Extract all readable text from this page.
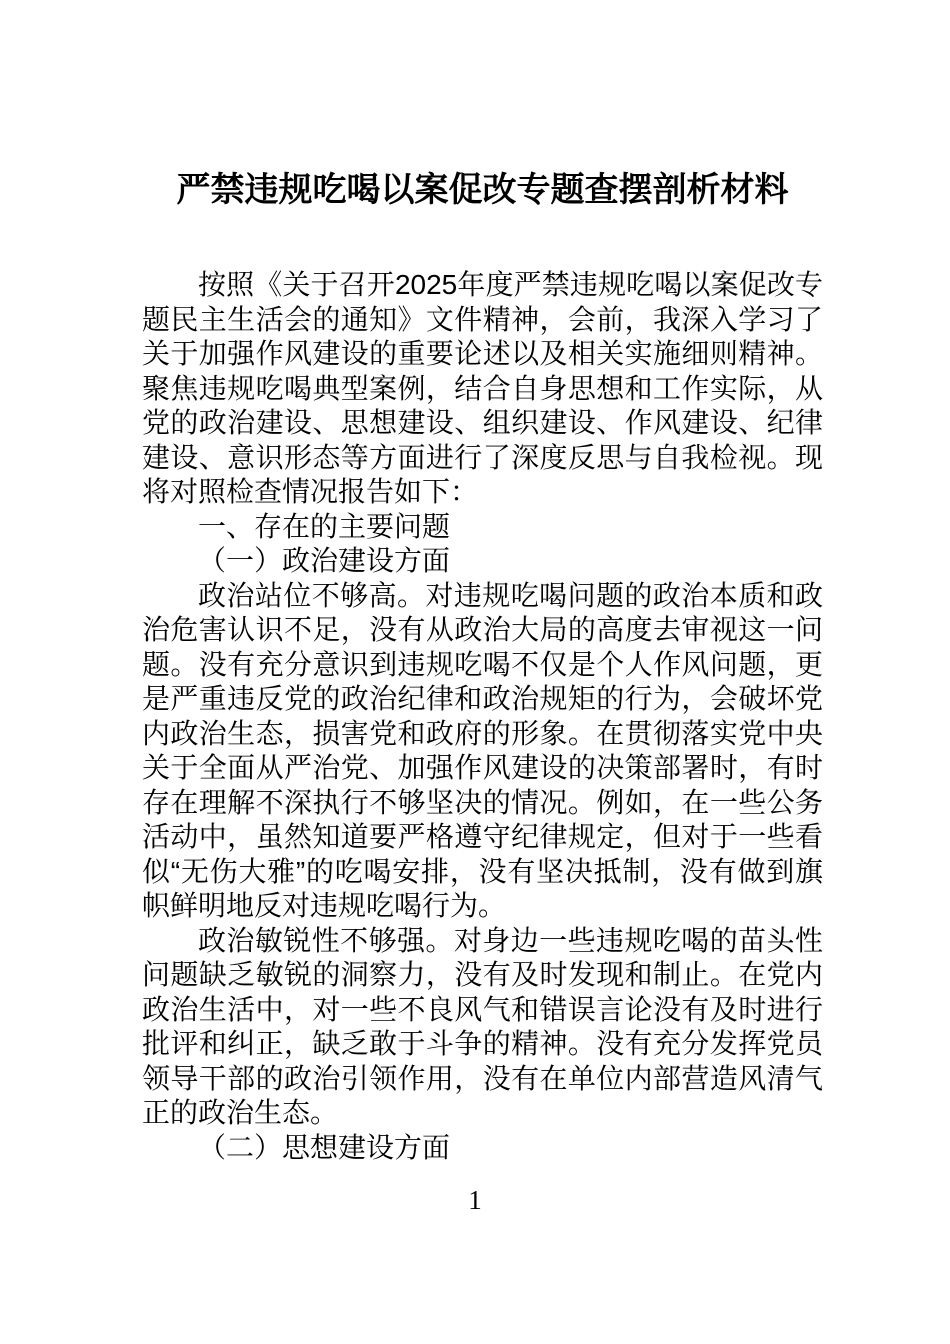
严禁违规吃喝以案促改专题查摆剖析材料

按照《关于召开2025年度严禁违规吃喝以案促改专题民主生活会的通知》文件精神，会前，我深入学习了关于加强作风建设的重要论述以及相关实施细则精神。聚焦违规吃喝典型案例，结合自身思想和工作实际，从党的政治建设、思想建设、组织建设、作风建设、纪律建设、意识形态等方面进行了深度反思与自我检视。现将对照检查情况报告如下：

一、存在的主要问题

（一）政治建设方面

政治站位不够高。对违规吃喝问题的政治本质和政治危害认识不足，没有从政治大局的高度去审视这一问题。没有充分意识到违规吃喝不仅是个人作风问题，更是严重违反党的政治纪律和政治规矩的行为，会破坏党内政治生态，损害党和政府的形象。在贯彻落实党中央关于全面从严治党、加强作风建设的决策部署时，有时存在理解不深执行不够坚决的情况。例如，在一些公务活动中，虽然知道要严格遵守纪律规定，但对于一些看似“无伤大雅”的吃喝安排，没有坚决抵制，没有做到旗帜鲜明地反对违规吃喝行为。

政治敏锐性不够强。对身边一些违规吃喝的苗头性问题缺乏敏锐的洞察力，没有及时发现和制止。在党内政治生活中，对一些不良风气和错误言论没有及时进行批评和纠正，缺乏敢于斗争的精神。没有充分发挥党员领导干部的政治引领作用，没有在单位内部营造风清气正的政治生态。

（二）思想建设方面

1
